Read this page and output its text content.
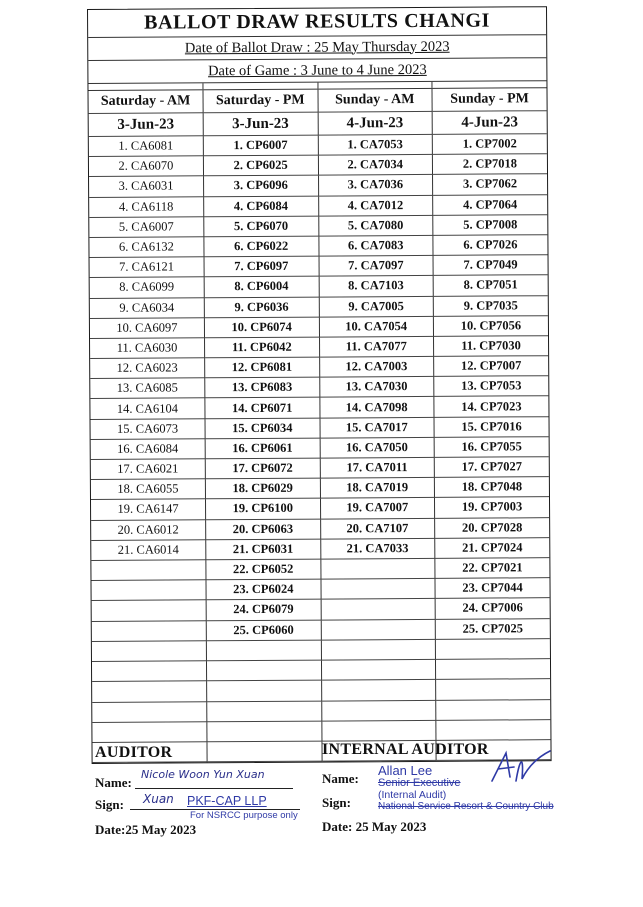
BALLOT DRAW RESULTS CHANGI
Date of Ballot Draw : 25 May Thursday 2023
Date of Game : 3 June to 4 June 2023
Saturday - AM	Saturday - PM	Sunday - AM	Sunday - PM
3-Jun-23	3-Jun-23	4-Jun-23	4-Jun-23
1. CA6081	1. CP6007	1. CA7053	1. CP7002
2. CA6070	2. CP6025	2. CA7034	2. CP7018
3. CA6031	3. CP6096	3. CA7036	3. CP7062
4. CA6118	4. CP6084	4. CA7012	4. CP7064
5. CA6007	5. CP6070	5. CA7080	5. CP7008
6. CA6132	6. CP6022	6. CA7083	6. CP7026
7. CA6121	7. CP6097	7. CA7097	7. CP7049
8. CA6099	8. CP6004	8. CA7103	8. CP7051
9. CA6034	9. CP6036	9. CA7005	9. CP7035
10. CA6097	10. CP6074	10. CA7054	10. CP7056
11. CA6030	11. CP6042	11. CA7077	11. CP7030
12. CA6023	12. CP6081	12. CA7003	12. CP7007
13. CA6085	13. CP6083	13. CA7030	13. CP7053
14. CA6104	14. CP6071	14. CA7098	14. CP7023
15. CA6073	15. CP6034	15. CA7017	15. CP7016
16. CA6084	16. CP6061	16. CA7050	16. CP7055
17. CA6021	17. CP6072	17. CA7011	17. CP7027
18. CA6055	18. CP6029	18. CA7019	18. CP7048
19. CA6147	19. CP6100	19. CA7007	19. CP7003
20. CA6012	20. CP6063	20. CA7107	20. CP7028
21. CA6014	21. CP6031	21. CA7033	21. CP7024
	22. CP6052		22. CP7021
	23. CP6024		23. CP7044
	24. CP6079		24. CP7006
	25. CP6060		25. CP7025

AUDITOR
Name:
Nicole Woon Yun Xuan
Sign: Xuan PKF-CAP LLP
For NSRCC purpose only
Date:25 May 2023
INTERNAL AUDITOR
Name:
Allan Lee
Senior Executive
(Internal Audit)
Sign:	National Service Resort & Country Club
Date: 25 May 2023
